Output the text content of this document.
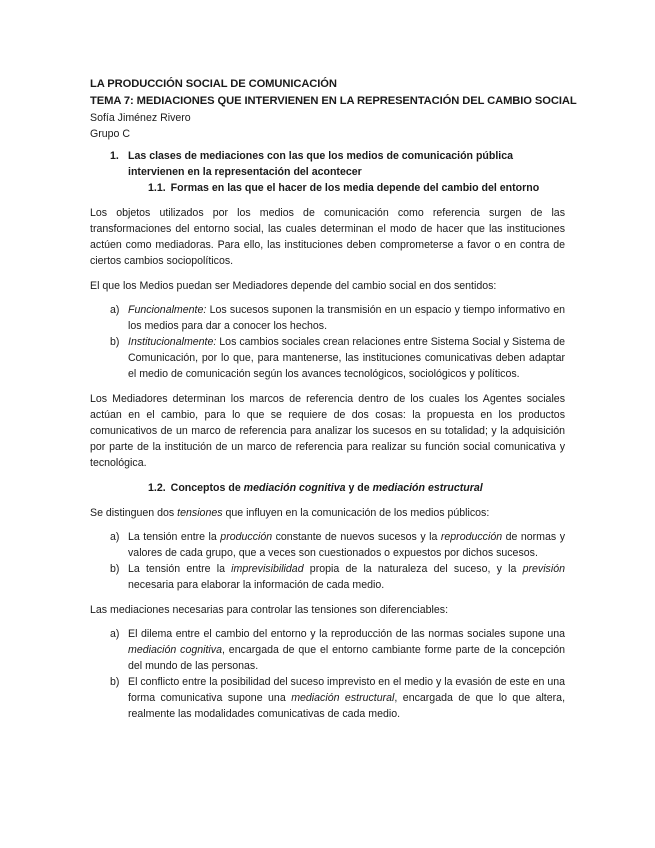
LA PRODUCCIÓN SOCIAL DE COMUNICACIÓN
TEMA 7: MEDIACIONES QUE INTERVIENEN EN LA REPRESENTACIÓN DEL CAMBIO SOCIAL
Sofía Jiménez Rivero
Grupo C
1. Las clases de mediaciones con las que los medios de comunicación pública intervienen en la representación del acontecer
1.1. Formas en las que el hacer de los media depende del cambio del entorno

Los objetos utilizados por los medios de comunicación como referencia surgen de las transformaciones del entorno social, las cuales determinan el modo de hacer que las instituciones actúen como mediadoras. Para ello, las instituciones deben comprometerse a favor o en contra de ciertos cambios sociopolíticos.

El que los Medios puedan ser Mediadores depende del cambio social en dos sentidos:

a) Funcionalmente: Los sucesos suponen la transmisión en un espacio y tiempo informativo en los medios para dar a conocer los hechos.
b) Institucionalmente: Los cambios sociales crean relaciones entre Sistema Social y Sistema de Comunicación, por lo que, para mantenerse, las instituciones comunicativas deben adaptar el medio de comunicación según los avances tecnológicos, sociológicos y políticos.

Los Mediadores determinan los marcos de referencia dentro de los cuales los Agentes sociales actúan en el cambio, para lo que se requiere de dos cosas: la propuesta en los productos comunicativos de un marco de referencia para analizar los sucesos en su totalidad; y la adquisición por parte de la institución de un marco de referencia para realizar su función social comunicativa y tecnológica.

1.2. Conceptos de mediación cognitiva y de mediación estructural

Se distinguen dos tensiones que influyen en la comunicación de los medios públicos:

a) La tensión entre la producción constante de nuevos sucesos y la reproducción de normas y valores de cada grupo, que a veces son cuestionados o expuestos por dichos sucesos.
b) La tensión entre la imprevisibilidad propia de la naturaleza del suceso, y la previsión necesaria para elaborar la información de cada medio.

Las mediaciones necesarias para controlar las tensiones son diferenciables:

a) El dilema entre el cambio del entorno y la reproducción de las normas sociales supone una mediación cognitiva, encargada de que el entorno cambiante forme parte de la concepción del mundo de las personas.
b) El conflicto entre la posibilidad del suceso imprevisto en el medio y la evasión de este en una forma comunicativa supone una mediación estructural, encargada de que lo que altera, realmente las modalidades comunicativas de cada medio.
